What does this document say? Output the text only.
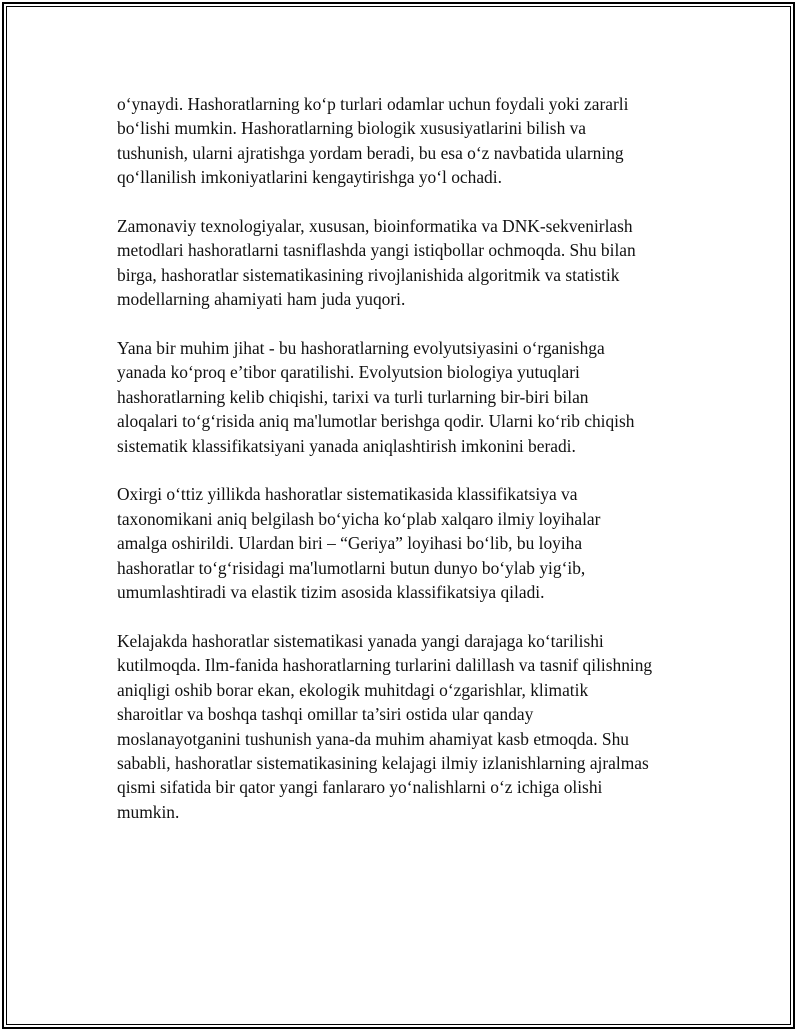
o‘ynaydi. Hashoratlarning ko‘p turlari odamlar uchun foydali yoki zararli
bo‘lishi mumkin. Hashoratlarning biologik xususiyatlarini bilish va
tushunish, ularni ajratishga yordam beradi, bu esa o‘z navbatida ularning
qo‘llanilish imkoniyatlarini kengaytirishga yo‘l ochadi.

Zamonaviy texnologiyalar, xususan, bioinformatika va DNK-sekvenirlash
metodlari hashoratlarni tasniflashda yangi istiqbollar ochmoqda. Shu bilan
birga, hashoratlar sistematikasining rivojlanishida algoritmik va statistik
modellarning ahamiyati ham juda yuqori.

Yana bir muhim jihat - bu hashoratlarning evolyutsiyasini o‘rganishga
yanada ko‘proq e’tibor qaratilishi. Evolyutsion biologiya yutuqlari
hashoratlarning kelib chiqishi, tarixi va turli turlarning bir-biri bilan
aloqalari to‘g‘risida aniq ma'lumotlar berishga qodir. Ularni ko‘rib chiqish
sistematik klassifikatsiyani yanada aniqlashtirish imkonini beradi.

Oxirgi o‘ttiz yillikda hashoratlar sistematikasida klassifikatsiya va
taxonomikani aniq belgilash bo‘yicha ko‘plab xalqaro ilmiy loyihalar
amalga oshirildi. Ulardan biri – “Geriya” loyihasi bo‘lib, bu loyiha
hashoratlar to‘g‘risidagi ma'lumotlarni butun dunyo bo‘ylab yig‘ib,
umumlashtiradi va elastik tizim asosida klassifikatsiya qiladi.

Kelajakda hashoratlar sistematikasi yanada yangi darajaga ko‘tarilishi
kutilmoqda. Ilm-fanida hashoratlarning turlarini dalillash va tasnif qilishning
aniqligi oshib borar ekan, ekologik muhitdagi o‘zgarishlar, klimatik
sharoitlar va boshqa tashqi omillar ta’siri ostida ular qanday
moslanayotganini tushunish yana-da muhim ahamiyat kasb etmoqda. Shu
sababli, hashoratlar sistematikasining kelajagi ilmiy izlanishlarning ajralmas
qismi sifatida bir qator yangi fanlararo yo‘nalishlarni o‘z ichiga olishi
mumkin.
